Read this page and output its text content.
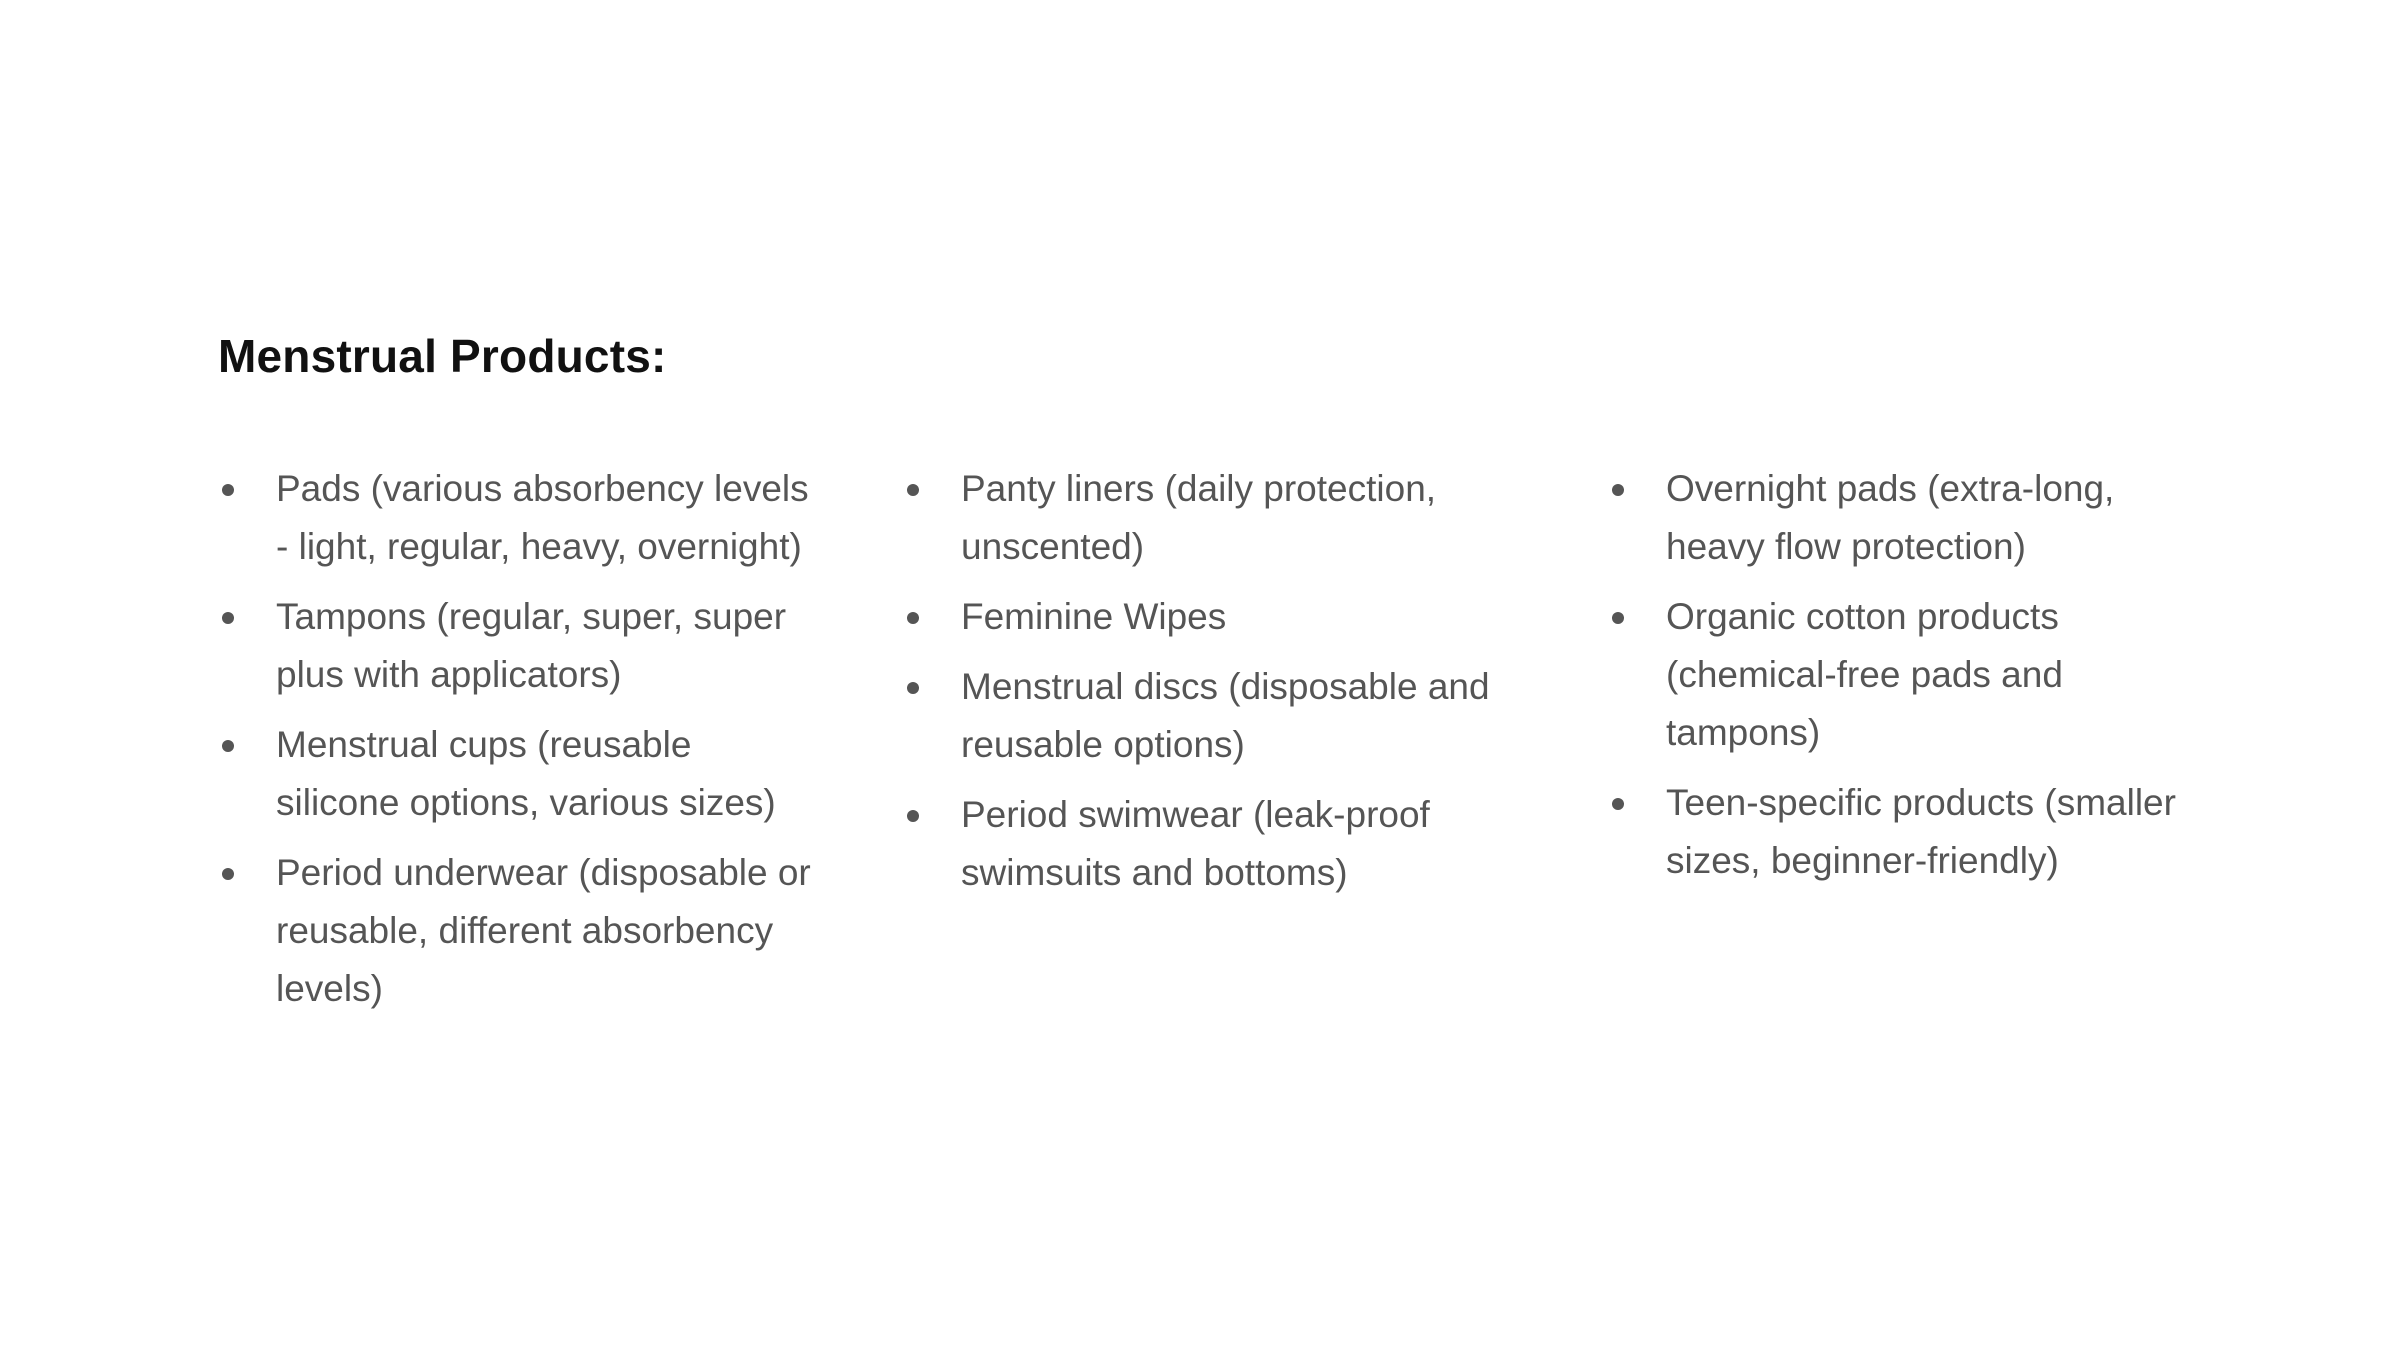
Menstrual Products:
Pads (various absorbency levels - light, regular, heavy, overnight)
Tampons (regular, super, super plus with applicators)
Menstrual cups (reusable silicone options, various sizes)
Period underwear (disposable or reusable, different absorbency levels)
Panty liners (daily protection, unscented)
Feminine Wipes
Menstrual discs (disposable and reusable options)
Period swimwear (leak-proof swimsuits and bottoms)
Overnight pads (extra-long, heavy flow protection)
Organic cotton products (chemical-free pads and tampons)
Teen-specific products (smaller sizes, beginner-friendly)
